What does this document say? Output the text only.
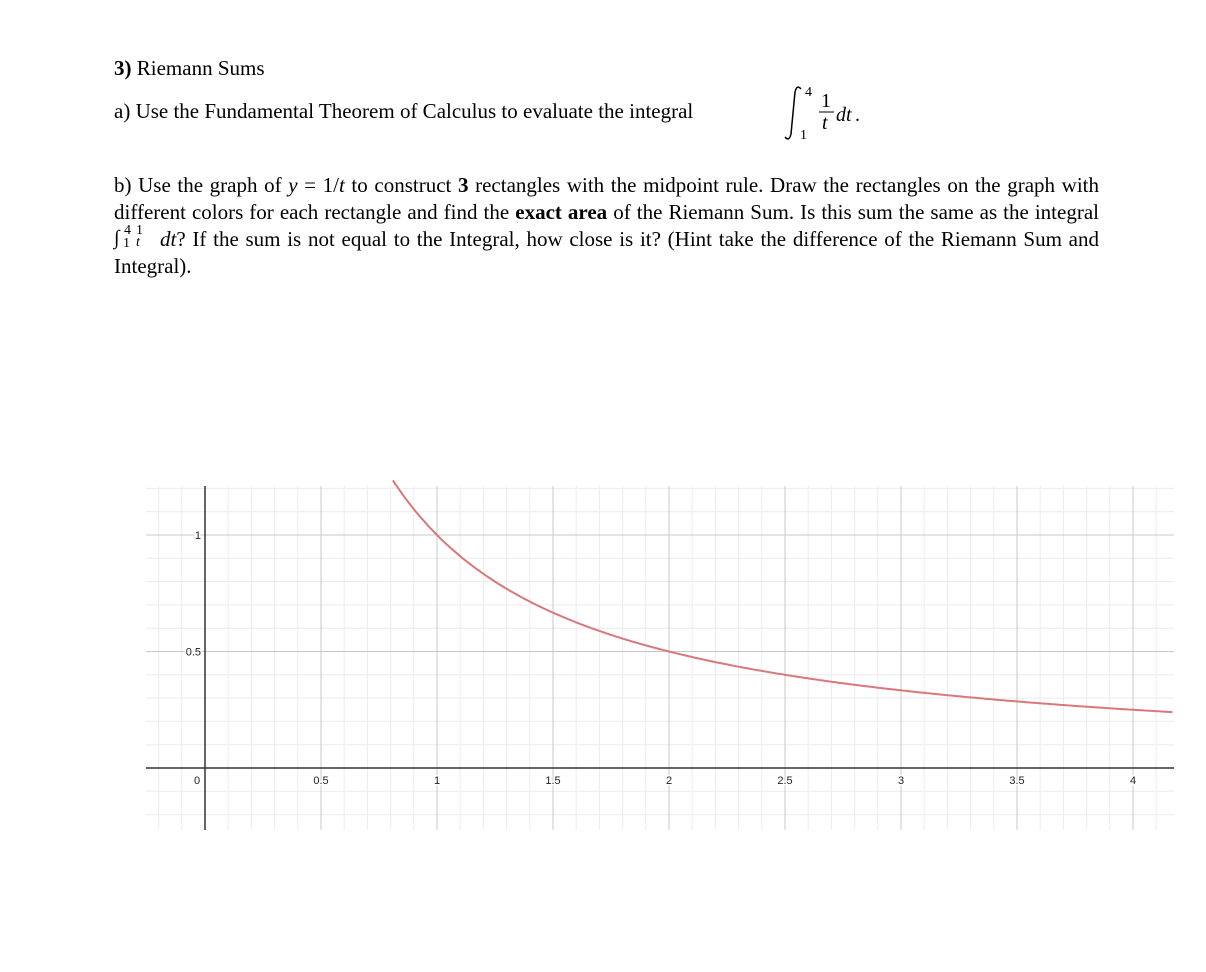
3) Riemann Sums
a) Use the Fundamental Theorem of Calculus to evaluate the integral
4
1
1
t dt .

b) Use the graph of y = 1/t to construct 3 rectangles with the midpoint rule. Draw the rectangles on the graph with different colors for each rectangle and find the exact area of the Riemann Sum. Is this sum the same as the integral
∫ 4
1
1
t dt? If the sum is not equal to the Integral, how close is it? (Hint take the difference of the Riemann Sum and Integral).

0	0.5	1	1.5	2	2.5	3	3.5	4
0.5
1
